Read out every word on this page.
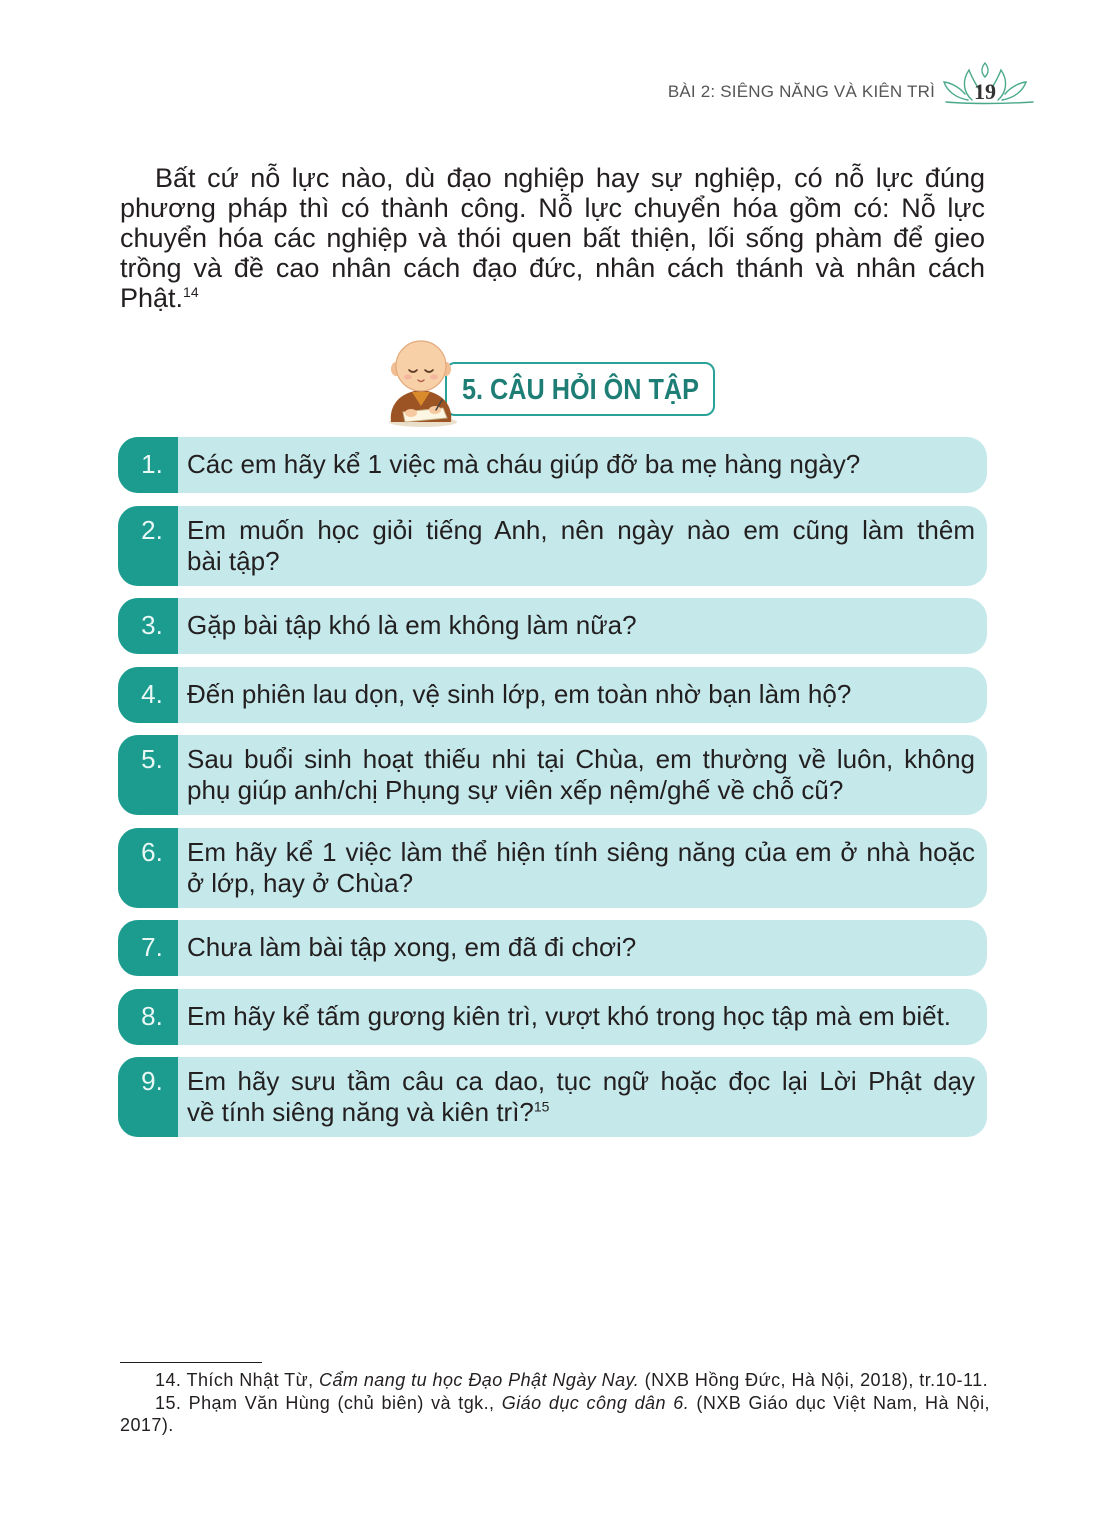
BÀI 2: SIÊNG NĂNG VÀ KIÊN TRÌ 19
Bất cứ nỗ lực nào, dù đạo nghiệp hay sự nghiệp, có nỗ lực đúng
phương pháp thì có thành công. Nỗ lực chuyển hóa gồm có: Nỗ lực
chuyển hóa các nghiệp và thói quen bất thiện, lối sống phàm để gieo
trồng và đề cao nhân cách đạo đức, nhân cách thánh và nhân cách
Phật.$^{14}$
5. CÂU HỎI ÔN TẬP
1. Các em hãy kể 1 việc mà cháu giúp đỡ ba mẹ hàng ngày?
2. Em muốn học giỏi tiếng Anh, nên ngày nào em cũng làm thêm
bài tập?
3. Gặp bài tập khó là em không làm nữa?
4. Đến phiên lau dọn, vệ sinh lớp, em toàn nhờ bạn làm hộ?
5. Sau buổi sinh hoạt thiếu nhi tại Chùa, em thường về luôn, không
phụ giúp anh/chị Phụng sự viên xếp nệm/ghế về chỗ cũ?
6. Em hãy kể 1 việc làm thể hiện tính siêng năng của em ở nhà hoặc
ở lớp, hay ở Chùa?
7. Chưa làm bài tập xong, em đã đi chơi?
8. Em hãy kể tấm gương kiên trì, vượt khó trong học tập mà em biết.
9. Em hãy sưu tầm câu ca dao, tục ngữ hoặc đọc lại Lời Phật dạy
về tính siêng năng và kiên trì?$^{15}$
14. Thích Nhật Từ, Cẩm nang tu học Đạo Phật Ngày Nay. (NXB Hồng Đức, Hà Nội, 2018), tr.10-11.
15. Phạm Văn Hùng (chủ biên) và tgk., Giáo dục công dân 6. (NXB Giáo dục Việt Nam, Hà Nội,
2017).
